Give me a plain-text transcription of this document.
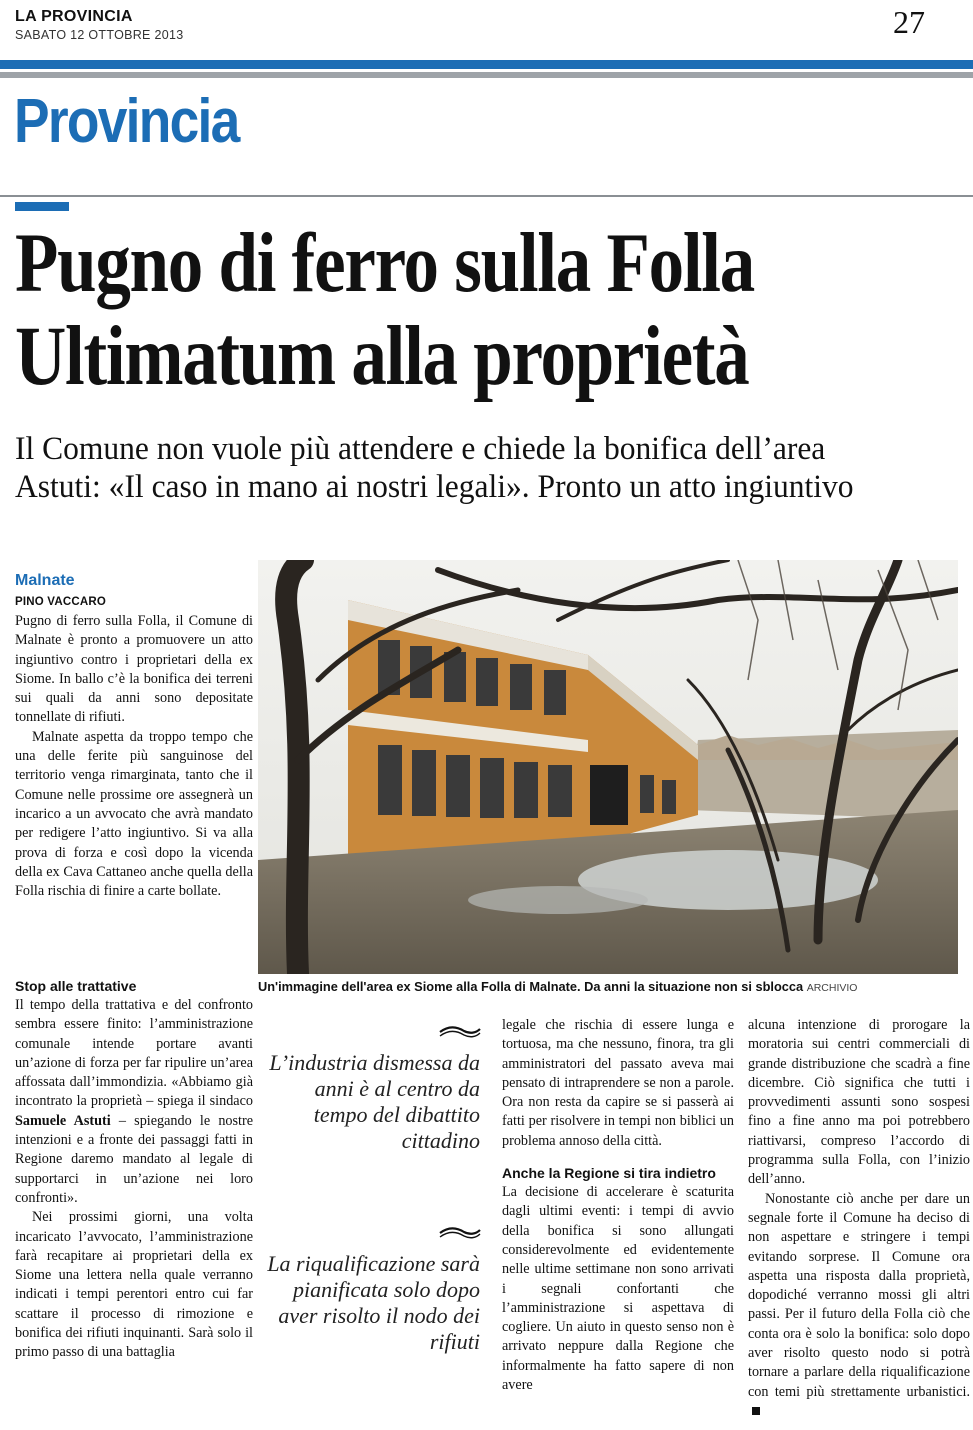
LA PROVINCIA
SABATO 12 OTTOBRE 2013	27
Provincia
Pugno di ferro sulla Folla
Ultimatum alla proprietà
Il Comune non vuole più attendere e chiede la bonifica dell’area
Astuti: «Il caso in mano ai nostri legali». Pronto un atto ingiuntivo
Malnate
PINO VACCARO

Pugno di ferro sulla Folla, il Comune di Malnate è pronto a promuovere un atto ingiuntivo contro i proprietari della ex Siome. In ballo c’è la bonifica dei terreni sui quali da anni sono depositate tonnellate di rifiuti.

Malnate aspetta da troppo tempo che una delle ferite più sanguinose del territorio venga rimarginata, tanto che il Comune nelle prossime ore assegnerà un incarico a un avvocato che avrà mandato per redigere l’atto ingiuntivo. Si va alla prova di forza e così dopo la vicenda della ex Cava Cattaneo anche quella della Folla rischia di finire a carte bollate.

Stop alle trattative

Il tempo della trattativa e del confronto sembra essere finito: l’amministrazione comunale intende portare avanti un’azione di forza per far ripulire un’area affossata dall’immondizia. «Abbiamo già incontrato la proprietà – spiega il sindaco Samuele Astuti – spiegando le nostre intenzioni e a fronte dei passaggi fatti in Regione daremo mandato al legale di supportarci in un’azione nei loro confronti».

Nei prossimi giorni, una volta incaricato l’avvocato, l’amministrazione farà recapitare ai proprietari della ex Siome una lettera nella quale verranno indicati i tempi perentori entro cui far scattare il processo di rimozione e bonifica dei rifiuti inquinanti. Sarà solo il primo passo di una battaglia

Un'immagine dell'area ex Siome alla Folla di Malnate. Da anni la situazione non si sblocca ARCHIVIO
L’industria dismessa da anni è al centro da tempo del dibattito cittadino
La riqualificazione sarà pianificata solo dopo aver risolto il nodo dei rifiuti

legale che rischia di essere lunga e tortuosa, ma che nessuno, finora, tra gli amministratori del passato aveva mai pensato di intraprendere se non a parole. Ora non resta da capire se si passerà ai fatti per risolvere in tempi non biblici un problema annoso della città.

Anche la Regione si tira indietro

La decisione di accelerare è scaturita dagli ultimi eventi: i tempi di avvio della bonifica si sono allungati considerevolmente ed evidentemente nelle ultime settimane non sono arrivati i segnali confortanti che l’amministrazione si aspettava di cogliere. Un aiuto in questo senso non è arrivato neppure dalla Regione che informalmente ha fatto sapere di non avere

alcuna intenzione di prorogare la moratoria sui centri commerciali di grande distribuzione che scadrà a fine dicembre. Ciò significa che tutti i provvedimenti assunti sono sospesi fino a fine anno ma poi potrebbero riattivarsi, compreso l’accordo di programma sulla Folla, con l’inizio dell’anno.

Nonostante ciò anche per dare un segnale forte il Comune ha deciso di non aspettare e stringere i tempi evitando sorprese. Il Comune ora aspetta una risposta dalla proprietà, dopodiché verranno mossi gli altri passi. Per il futuro della Folla ciò che conta ora è solo la bonifica: solo dopo aver risolto questo nodo si potrà tornare a parlare della riqualificazione con temi più strettamente urbanistici.
